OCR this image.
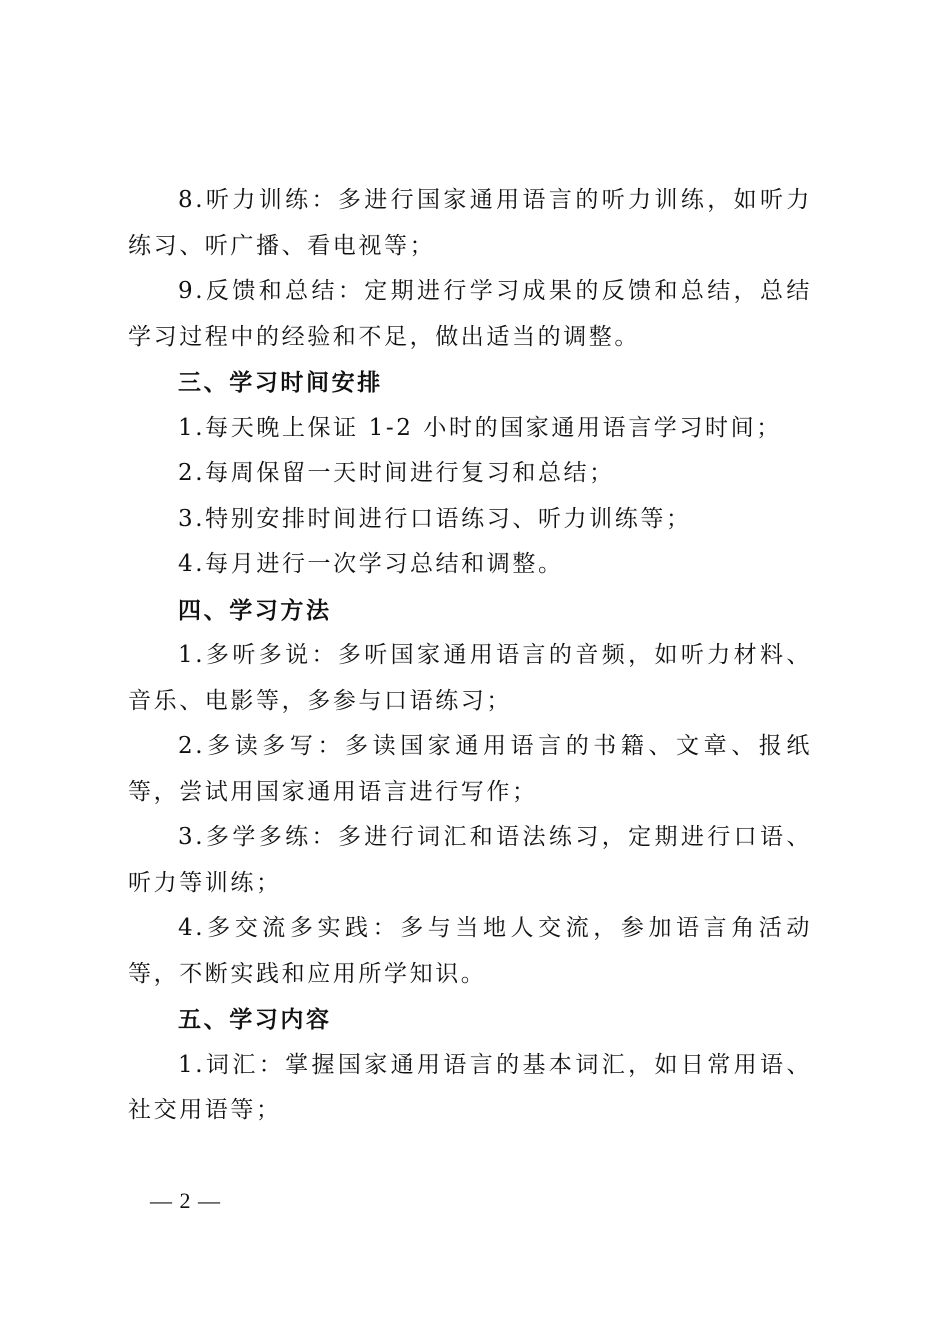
8.听力训练：多进行国家通用语言的听力训练，如听力练习、听广播、看电视等；

9.反馈和总结：定期进行学习成果的反馈和总结，总结学习过程中的经验和不足，做出适当的调整。

三、学习时间安排

1.每天晚上保证 1-2 小时的国家通用语言学习时间；

2.每周保留一天时间进行复习和总结；

3.特别安排时间进行口语练习、听力训练等；

4.每月进行一次学习总结和调整。

四、学习方法

1.多听多说：多听国家通用语言的音频，如听力材料、音乐、电影等，多参与口语练习；

2.多读多写：多读国家通用语言的书籍、文章、报纸等，尝试用国家通用语言进行写作；

3.多学多练：多进行词汇和语法练习，定期进行口语、听力等训练；

4.多交流多实践：多与当地人交流，参加语言角活动等，不断实践和应用所学知识。

五、学习内容

1.词汇：掌握国家通用语言的基本词汇，如日常用语、社交用语等；

— 2 —
